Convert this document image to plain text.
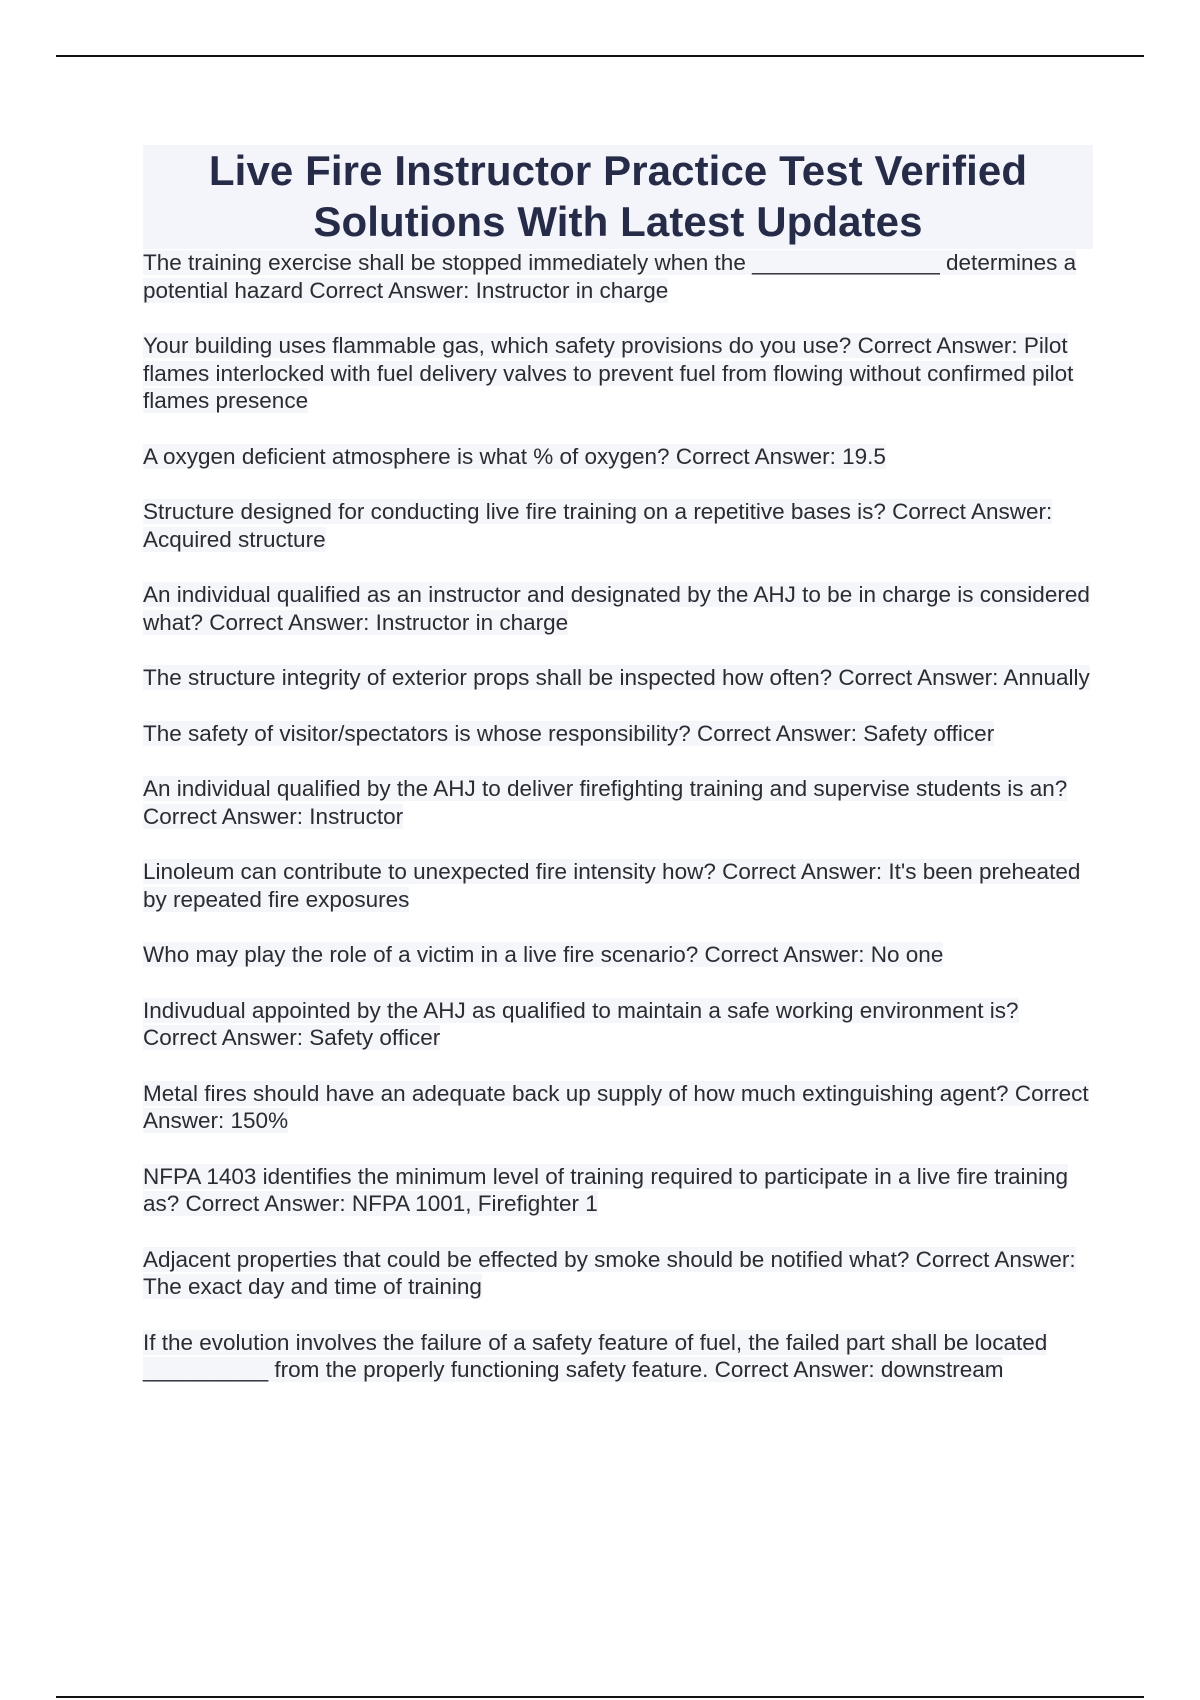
Live Fire Instructor Practice Test Verified
Solutions With Latest Updates
The training exercise shall be stopped immediately when the _______________ determines a potential hazard Correct Answer: Instructor in charge
Your building uses flammable gas, which safety provisions do you use? Correct Answer: Pilot flames interlocked with fuel delivery valves to prevent fuel from flowing without confirmed pilot flames presence
A oxygen deficient atmosphere is what % of oxygen? Correct Answer: 19.5
Structure designed for conducting live fire training on a repetitive bases is? Correct Answer: Acquired structure
An individual qualified as an instructor and designated by the AHJ to be in charge is considered what? Correct Answer: Instructor in charge
The structure integrity of exterior props shall be inspected how often? Correct Answer: Annually
The safety of visitor/spectators is whose responsibility? Correct Answer: Safety officer
An individual qualified by the AHJ to deliver firefighting training and supervise students is an? Correct Answer: Instructor
Linoleum can contribute to unexpected fire intensity how? Correct Answer: It's been preheated by repeated fire exposures
Who may play the role of a victim in a live fire scenario? Correct Answer: No one
Indivudual appointed by the AHJ as qualified to maintain a safe working environment is? Correct Answer: Safety officer
Metal fires should have an adequate back up supply of how much extinguishing agent? Correct Answer: 150%
NFPA 1403 identifies the minimum level of training required to participate in a live fire training as? Correct Answer: NFPA 1001, Firefighter 1
Adjacent properties that could be effected by smoke should be notified what? Correct Answer: The exact day and time of training
If the evolution involves the failure of a safety feature of fuel, the failed part shall be located __________ from the properly functioning safety feature. Correct Answer: downstream
